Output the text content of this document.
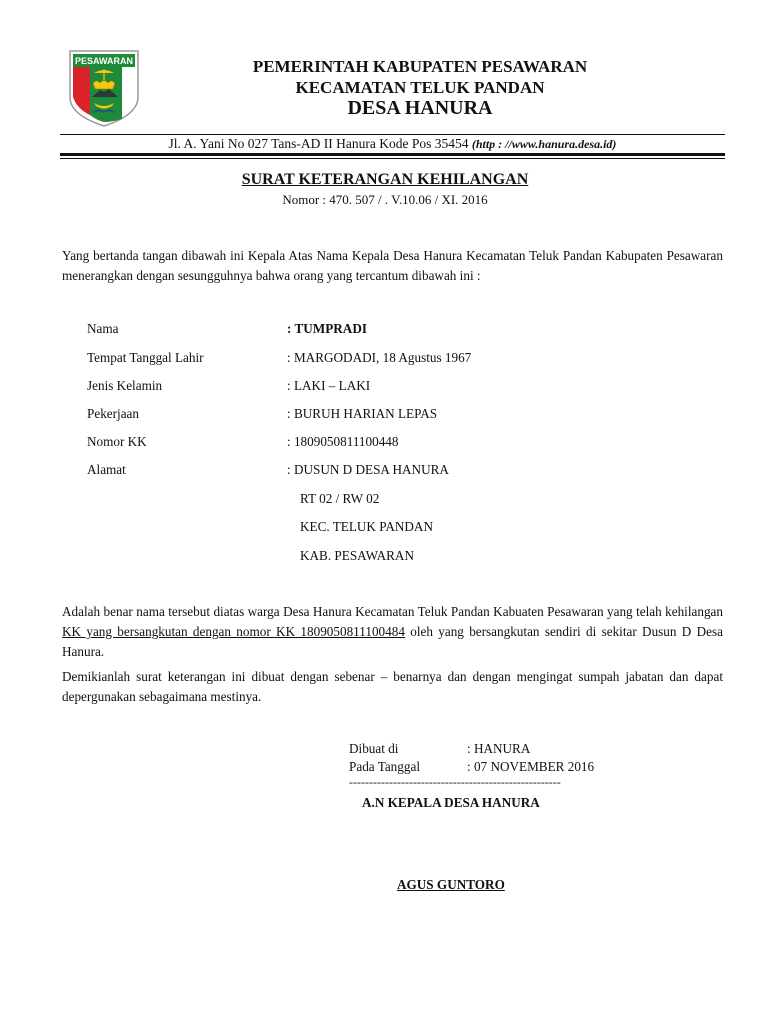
PESAWARAN	PEMERINTAH KABUPATEN PESAWARAN
KECAMATAN TELUK PANDAN
DESA HANURA
Jl. A. Yani No 027 Tans-AD II Hanura Kode Pos 35454 (http : //www.hanura.desa.id)
SURAT KETERANGAN KEHILANGAN
Nomor : 470. 507 / . V.10.06 / XI. 2016
Yang bertanda tangan dibawah ini Kepala Atas Nama Kepala Desa Hanura Kecamatan Teluk Pandan Kabupaten Pesawaran menerangkan dengan sesungguhnya bahwa orang yang tercantum dibawah ini :
Nama	: TUMPRADI
Tempat Tanggal Lahir	: MARGODADI, 18 Agustus 1967
Jenis Kelamin	: LAKI – LAKI
Pekerjaan	: BURUH HARIAN LEPAS
Nomor KK	: 1809050811100448
Alamat	: DUSUN D DESA HANURA
RT 02 / RW 02
KEC. TELUK PANDAN
KAB. PESAWARAN
Adalah benar nama tersebut diatas warga Desa Hanura Kecamatan Teluk Pandan Kabuaten Pesawaran yang telah kehilangan KK yang bersangkutan dengan nomor KK 1809050811100484 oleh yang bersangkutan sendiri di sekitar Dusun D Desa Hanura.
Demikianlah surat keterangan ini dibuat dengan sebenar – benarnya dan dengan mengingat sumpah jabatan dan dapat depergunakan sebagaimana mestinya.
Dibuat di	: HANURA
Pada Tanggal	: 07 NOVEMBER 2016
-----------------------------------------------------
A.N KEPALA DESA HANURA
AGUS GUNTORO
